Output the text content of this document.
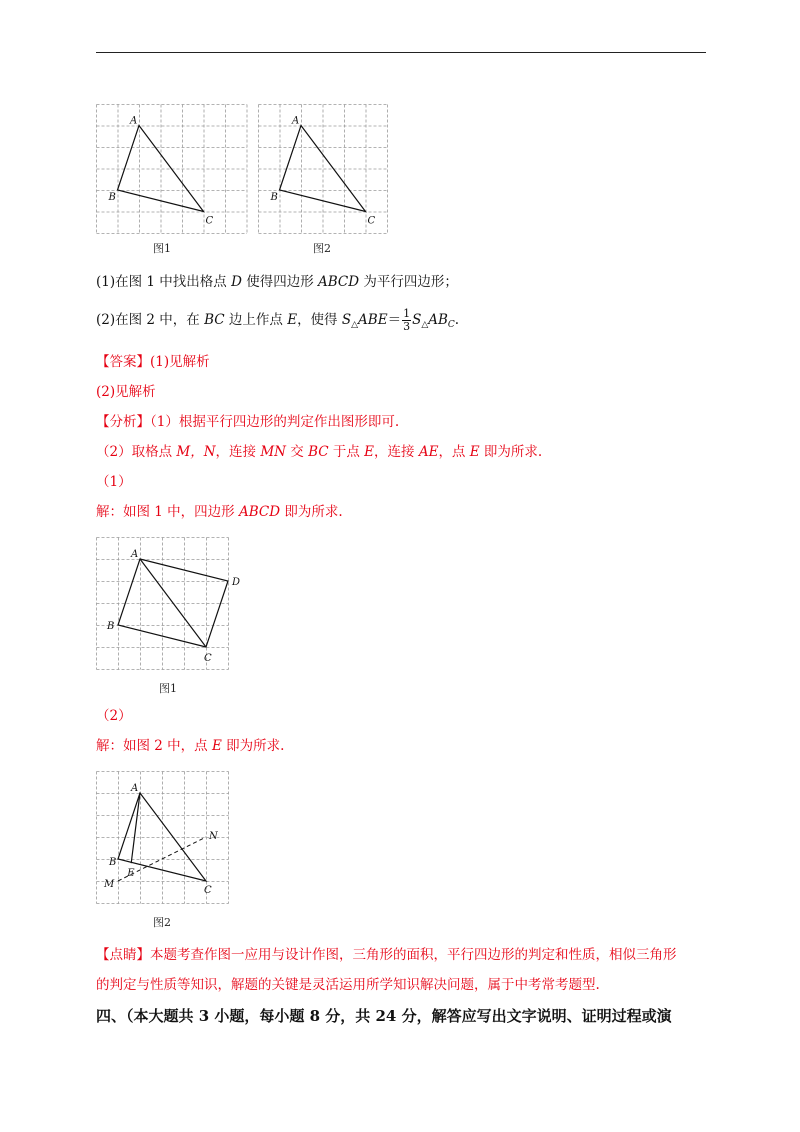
A
B
C
图1
A
B
C
图2
(1)在图 1 中找出格点 D 使得四边形 ABCD 为平行四边形；
(2)在图 2 中，在 BC 边上作点 E，使得 $S_\triangle ABE= \frac{1}{3} S_\triangle AB_C$.
【答案】(1)见解析
(2)见解析
【分析】（1）根据平行四边形的判定作出图形即可.
（2）取格点 M，N，连接 MN 交 BC 于点 E，连接 AE，点 E 即为所求.
（1）
解：如图 1 中，四边形 ABCD 即为所求.
A
B
C
D
图1
（2）
解：如图 2 中，点 E 即为所求.
A
B
C
E
M
N
图2
【点睛】本题考查作图一应用与设计作图，三角形的面积，平行四边形的判定和性质，相似三角形
的判定与性质等知识，解题的关键是灵活运用所学知识解决问题，属于中考常考题型.
四、（本大题共 3 小题，每小题 8 分，共 24 分，解答应写出文字说明、证明过程或演
